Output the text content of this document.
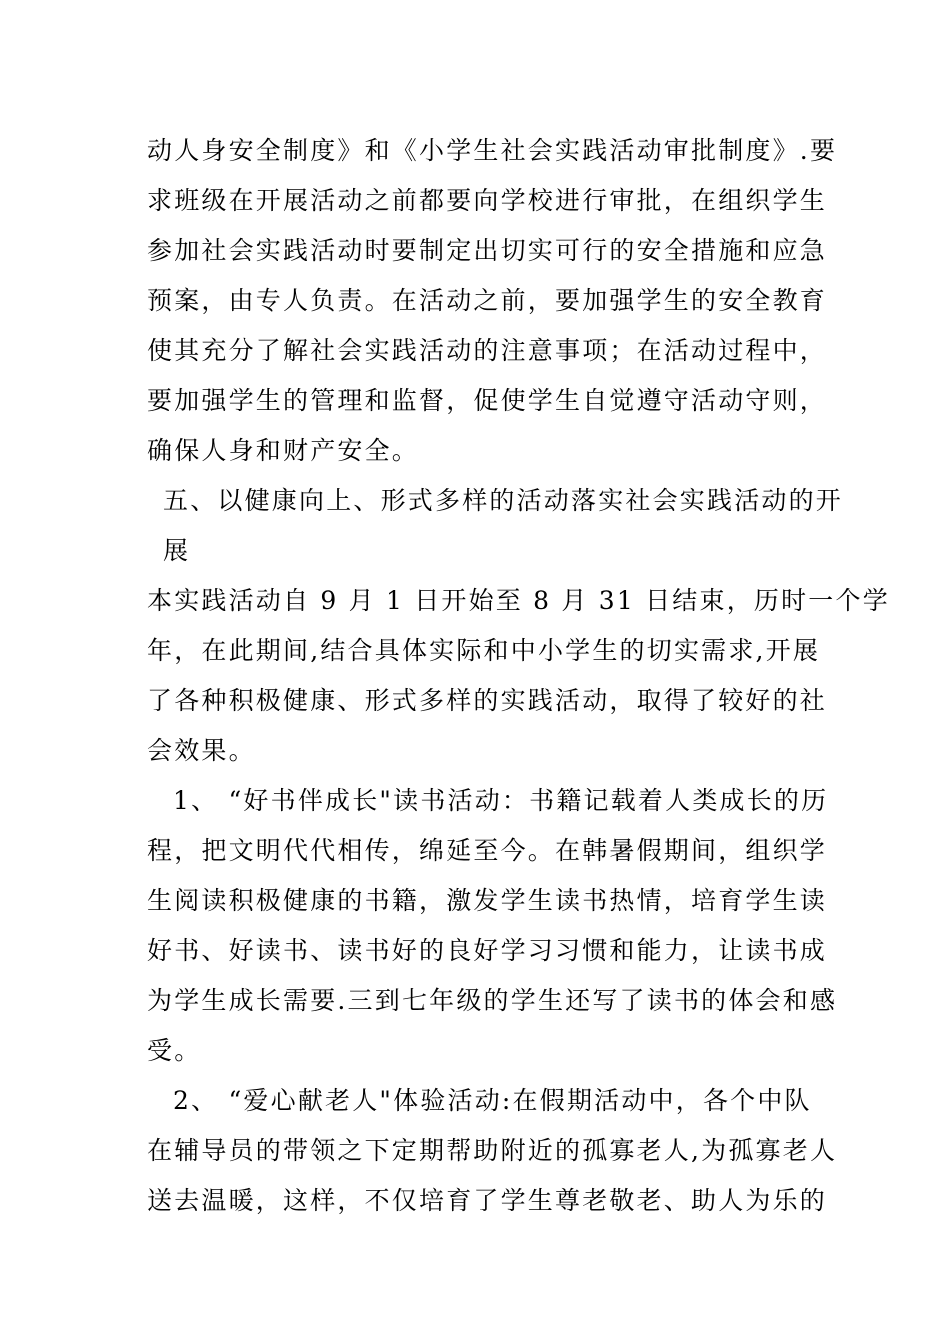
动人身安全制度》和《小学生社会实践活动审批制度》.要
求班级在开展活动之前都要向学校进行审批，在组织学生
参加社会实践活动时要制定出切实可行的安全措施和应急
预案，由专人负责。在活动之前，要加强学生的安全教育
使其充分了解社会实践活动的注意事项；在活动过程中，
要加强学生的管理和监督，促使学生自觉遵守活动守则，
确保人身和财产安全。
五、以健康向上、形式多样的活动落实社会实践活动的开
展
本实践活动自 9 月 1 日开始至 8 月 31 日结束，历时一个学
年，在此期间,结合具体实际和中小学生的切实需求,开展
了各种积极健康、形式多样的实践活动，取得了较好的社
会效果。
1、 “好书伴成长"读书活动：书籍记载着人类成长的历
程，把文明代代相传，绵延至今。在韩暑假期间，组织学
生阅读积极健康的书籍，激发学生读书热情，培育学生读
好书、好读书、读书好的良好学习习惯和能力，让读书成
为学生成长需要.三到七年级的学生还写了读书的体会和感
受。
2、 “爱心献老人"体验活动:在假期活动中，各个中队
在辅导员的带领之下定期帮助附近的孤寡老人,为孤寡老人
送去温暖，这样，不仅培育了学生尊老敬老、助人为乐的
